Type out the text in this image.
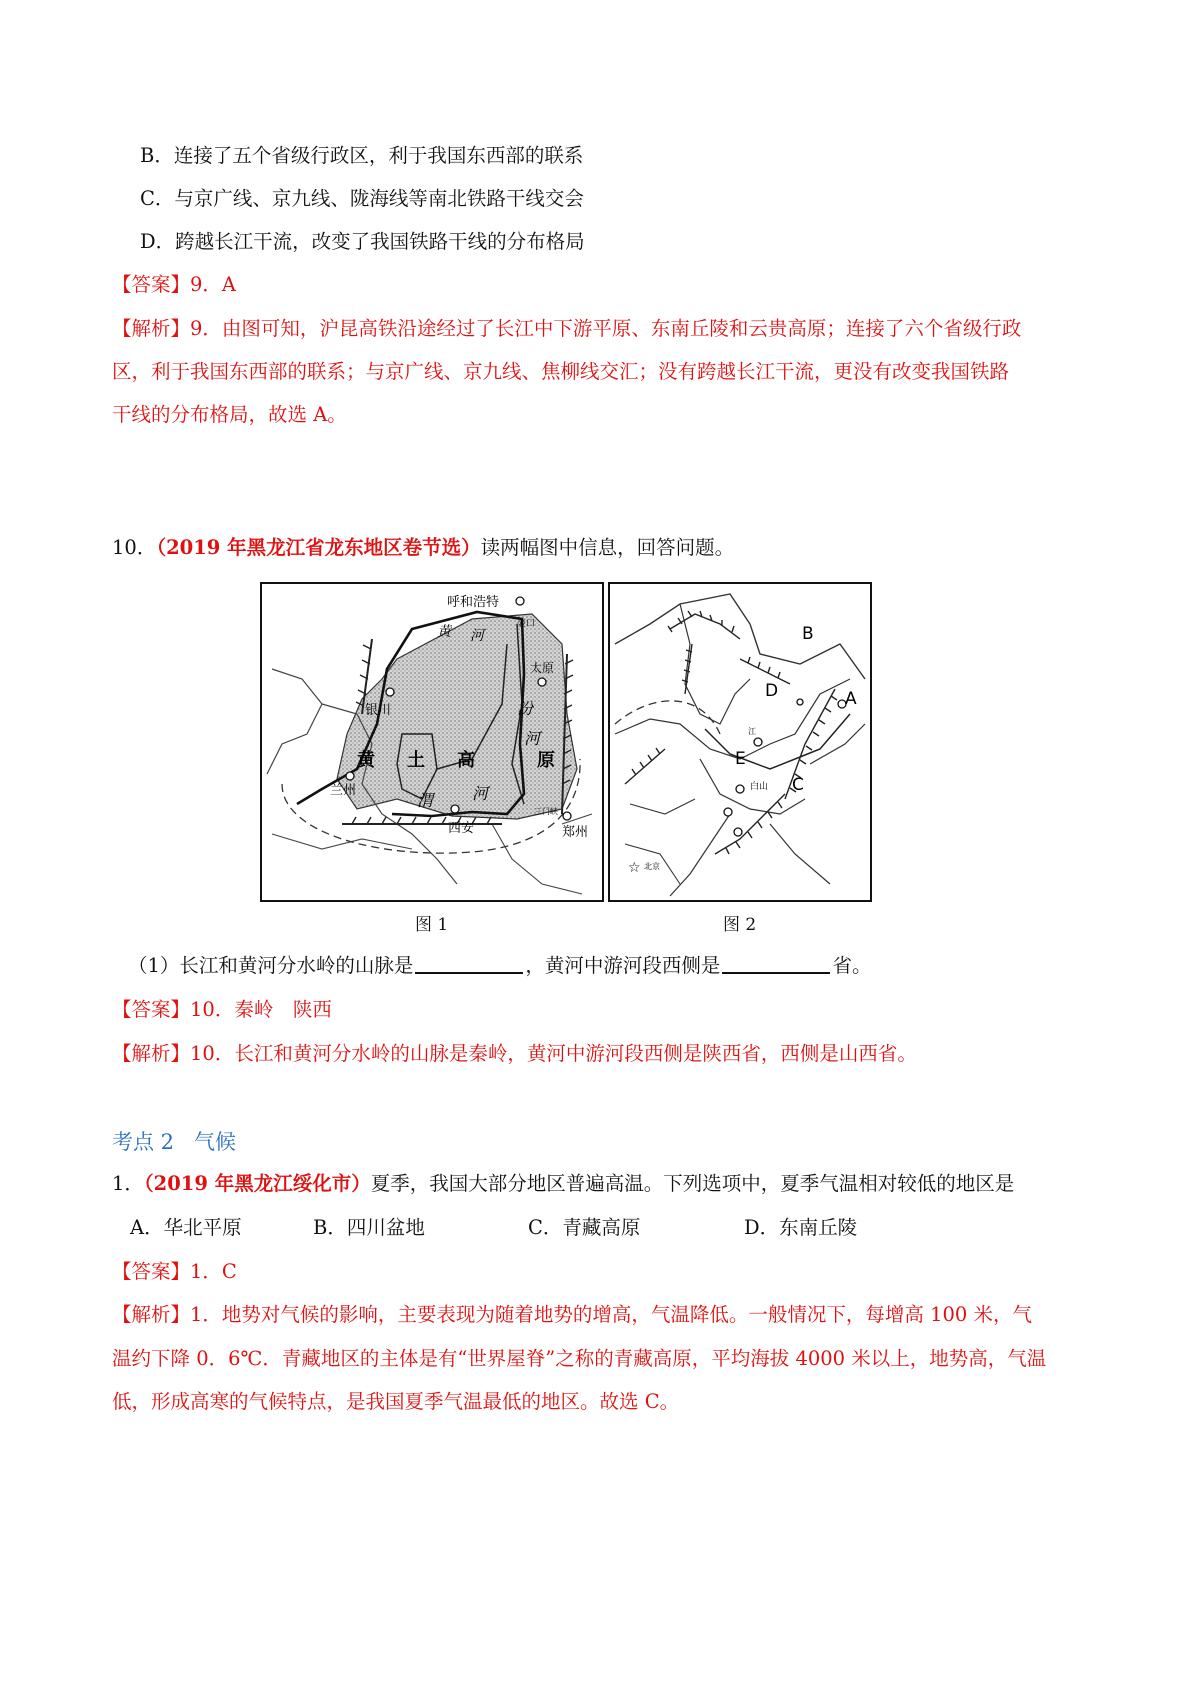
B．连接了五个省级行政区，利于我国东西部的联系
C．与京广线、京九线、陇海线等南北铁路干线交会
D．跨越长江干流，改变了我国铁路干线的分布格局
【答案】9．A
【解析】9．由图可知，沪昆高铁沿途经过了长江中下游平原、东南丘陵和云贵高原；连接了六个省级行政
区，利于我国东西部的联系；与京广线、京九线、焦柳线交汇；没有跨越长江干流，更没有改变我国铁路
干线的分布格局，故选 A。
10．（2019 年黑龙江省龙东地区卷节选）读两幅图中信息，回答问题。
呼和浩特
黄 河
壶口
银川
太原
兰州
西安	郑州
三门峡
黄 土 高	原
汾
河
渭 河
图 1
☆ 北京
B
A
D
E
C
白山
江
图 2
（1）长江和黄河分水岭的山脉是	，黄河中游河段西侧是	省。
【答案】10．秦岭　陕西
【解析】10．长江和黄河分水岭的山脉是秦岭，黄河中游河段西侧是陕西省，西侧是山西省。
考点 2 气候
1．（2019 年黑龙江绥化市）夏季，我国大部分地区普遍高温。下列选项中，夏季气温相对较低的地区是
A．华北平原	B．四川盆地	C．青藏高原	D．东南丘陵
【答案】1．C
【解析】1．地势对气候的影响，主要表现为随着地势的增高，气温降低。一般情况下，每增高 100 米，气
温约下降 0．6℃．青藏地区的主体是有“世界屋脊”之称的青藏高原，平均海拔 4000 米以上，地势高，气温
低，形成高寒的气候特点，是我国夏季气温最低的地区。故选 C。
